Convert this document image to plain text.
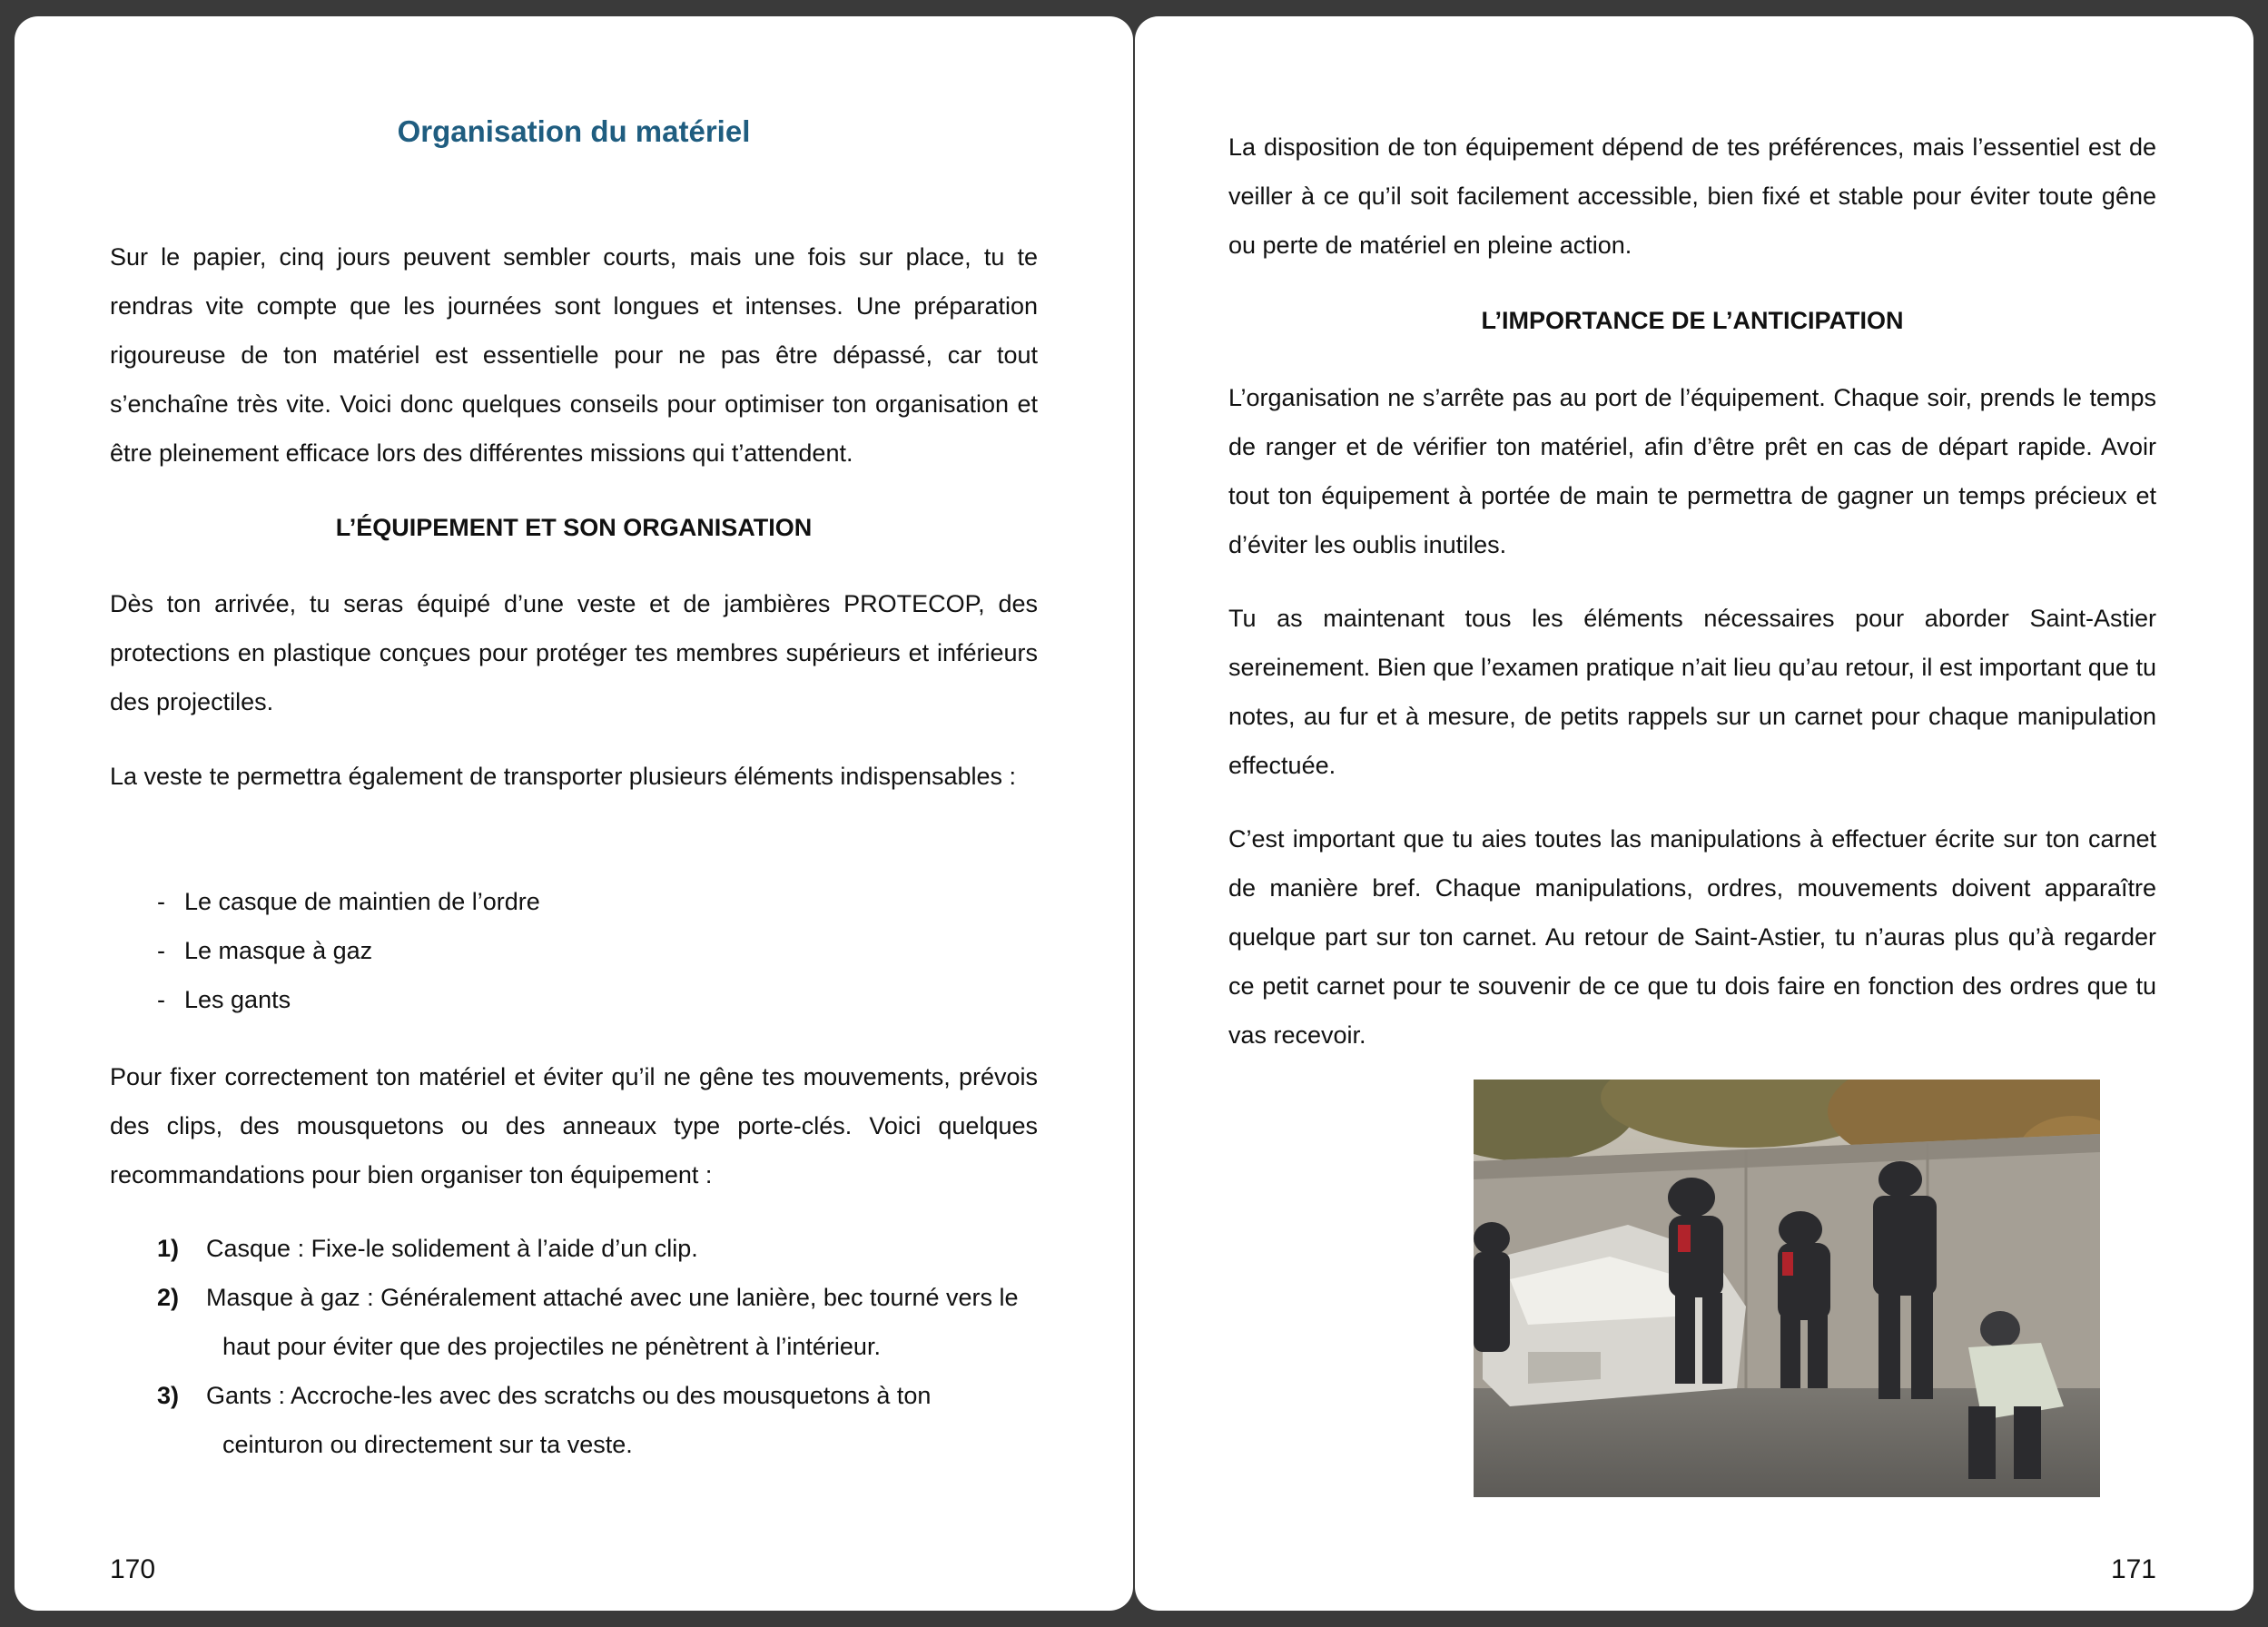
Organisation du matériel

Sur le papier, cinq jours peuvent sembler courts, mais une fois sur place, tu te rendras vite compte que les journées sont longues et intenses. Une préparation rigoureuse de ton matériel est essentielle pour ne pas être dépassé, car tout s’enchaîne très vite. Voici donc quelques conseils pour optimiser ton organisation et être pleinement efficace lors des différentes missions qui t’attendent.

L’ÉQUIPEMENT ET SON ORGANISATION

Dès ton arrivée, tu seras équipé d’une veste et de jambières PROTECOP, des protections en plastique conçues pour protéger tes membres supérieurs et inférieurs des projectiles.

La veste te permettra également de transporter plusieurs éléments indispensables :

- Le casque de maintien de l’ordre
- Le masque à gaz
- Les gants

Pour fixer correctement ton matériel et éviter qu’il ne gêne tes mouvements, prévois des clips, des mousquetons ou des anneaux type porte-clés. Voici quelques recommandations pour bien organiser ton équipement :

1) Casque : Fixe-le solidement à l’aide d’un clip.
2) Masque à gaz : Généralement attaché avec une lanière, bec tourné vers le
haut pour éviter que des projectiles ne pénètrent à l’intérieur.
3) Gants : Accroche-les avec des scratchs ou des mousquetons à ton
ceinturon ou directement sur ta veste.
170

La disposition de ton équipement dépend de tes préférences, mais l’essentiel est de veiller à ce qu’il soit facilement accessible, bien fixé et stable pour éviter toute gêne ou perte de matériel en pleine action.

L’IMPORTANCE DE L’ANTICIPATION

L’organisation ne s’arrête pas au port de l’équipement. Chaque soir, prends le temps de ranger et de vérifier ton matériel, afin d’être prêt en cas de départ rapide. Avoir tout ton équipement à portée de main te permettra de gagner un temps précieux et d’éviter les oublis inutiles.

Tu as maintenant tous les éléments nécessaires pour aborder Saint-Astier sereinement. Bien que l’examen pratique n’ait lieu qu’au retour, il est important que tu notes, au fur et à mesure, de petits rappels sur un carnet pour chaque manipulation effectuée.

C’est important que tu aies toutes las manipulations à effectuer écrite sur ton carnet de manière bref. Chaque manipulations, ordres, mouvements doivent apparaître quelque part sur ton carnet. Au retour de Saint-Astier, tu n’auras plus qu’à regarder ce petit carnet pour te souvenir de ce que tu dois faire en fonction des ordres que tu vas recevoir.

171
